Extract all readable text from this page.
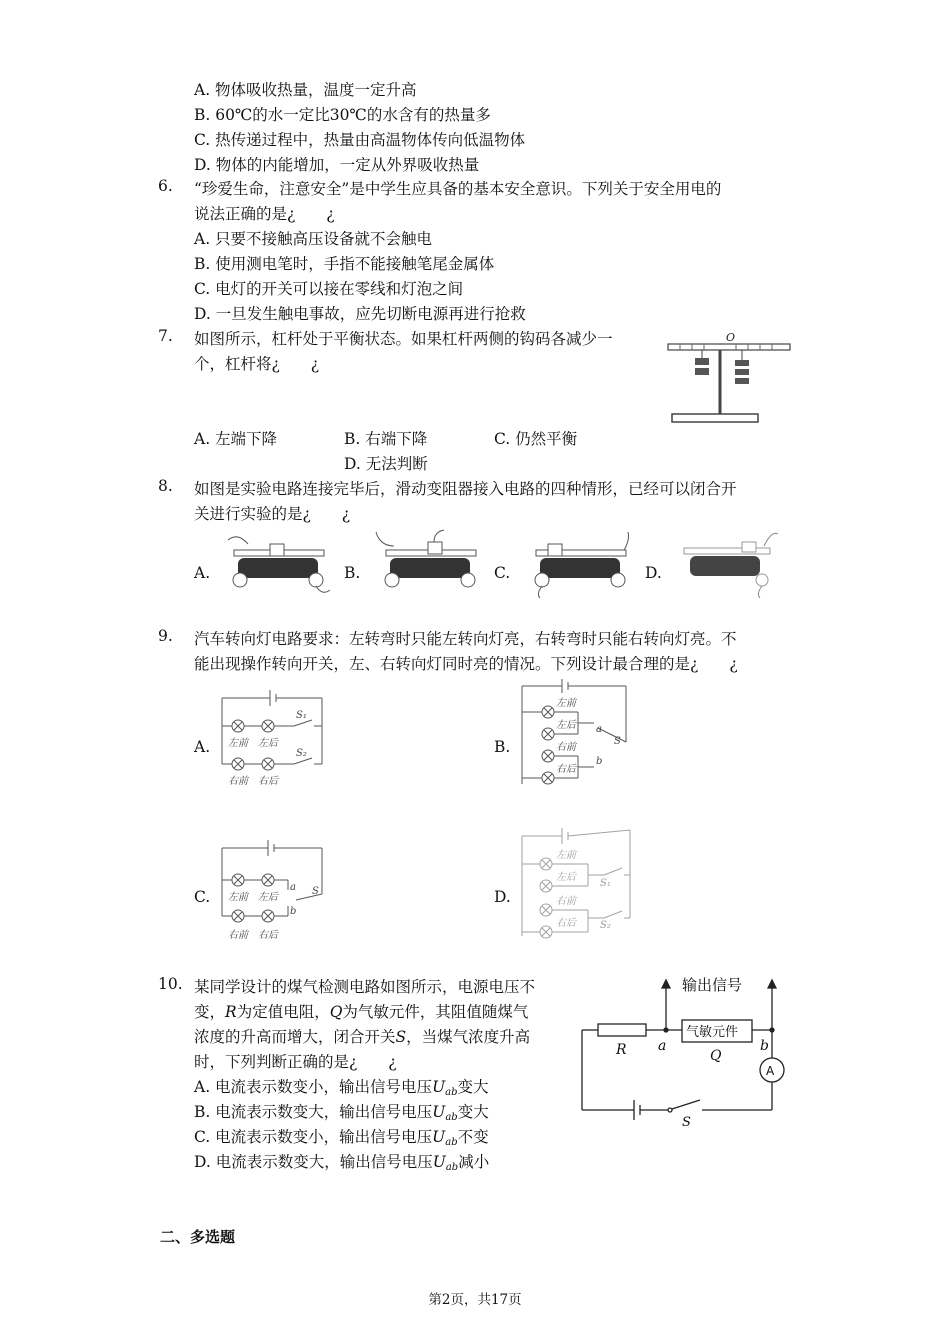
A. 物体吸收热量，温度一定升高
B. 60℃的水一定比30℃的水含有的热量多
C. 热传递过程中，热量由高温物体传向低温物体
D. 物体的内能增加，一定从外界吸收热量
6. “珍爱生命，注意安全”是中学生应具备的基本安全意识。下列关于安全用电的
说法正确的是¿　　¿
A. 只要不接触高压设备就不会触电
B. 使用测电笔时，手指不能接触笔尾金属体
C. 电灯的开关可以接在零线和灯泡之间
D. 一旦发生触电事故，应先切断电源再进行抢救
7. 如图所示，杠杆处于平衡状态。如果杠杆两侧的钩码各减少一
个，杠杆将¿　　¿
O
A. 左端下降	B. 右端下降	C. 仍然平衡
D. 无法判断
8. 如图是实验电路连接完毕后，滑动变阻器接入电路的四种情形，已经可以闭合开
关进行实验的是¿　　¿
A.	B.	C.	D.
9. 汽车转向灯电路要求：左转弯时只能左转向灯亮，右转弯时只能右转向灯亮。不
能出现操作转向开关，左、右转向灯同时亮的情况。下列设计最合理的是¿　　¿
A.	B.
C.	D.
左前 左后
右前 右后
S₁
S₂
左前
左后
右前
右后
a
b
S
左前 左后
右前 右后
a
b
S
左前
左后
右前
右后
S₁
S₂
10. 某同学设计的煤气检测电路如图所示，电源电压不
变，R为定值电阻，Q为气敏元件，其阻值随煤气
浓度的升高而增大，闭合开关S，当煤气浓度升高
时，下列判断正确的是¿　　¿
A. 电流表示数变小，输出信号电压$U_{ab}$变大
B. 电流表示数变大，输出信号电压$U_{ab}$变大
C. 电流表示数变小，输出信号电压$U_{ab}$不变
D. 电流表示数变大，输出信号电压$U_{ab}$减小
输出信号
气敏元件
A
R	Q
a	b
S
二、多选题
第2页，共17页
